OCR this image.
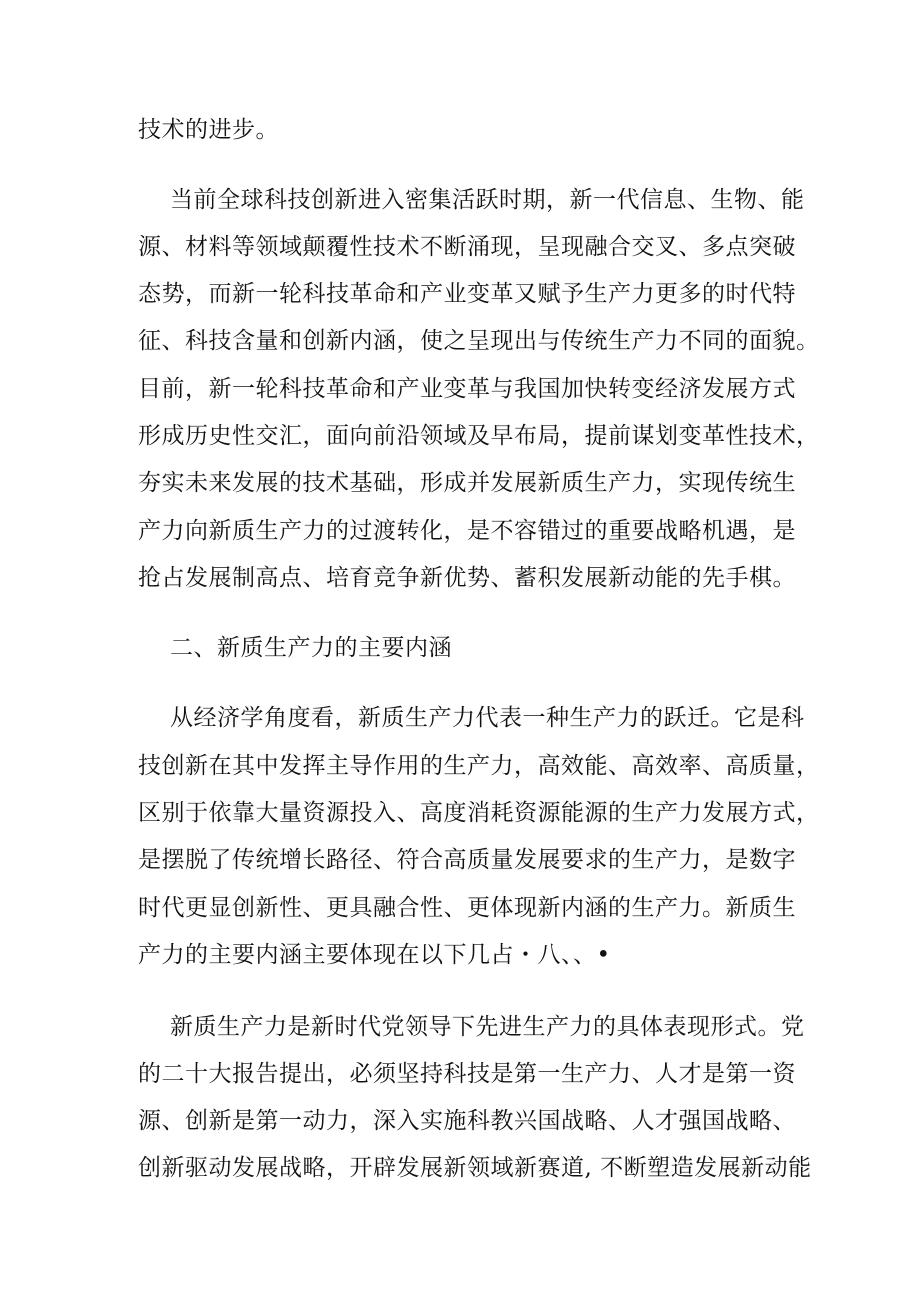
技术的进步。
当前全球科技创新进入密集活跃时期，新一代信息、生物、能
源、材料等领域颠覆性技术不断涌现，呈现融合交叉、多点突破
态势，而新一轮科技革命和产业变革又赋予生产力更多的时代特
征、科技含量和创新内涵，使之呈现出与传统生产力不同的面貌。
目前，新一轮科技革命和产业变革与我国加快转变经济发展方式
形成历史性交汇，面向前沿领域及早布局，提前谋划变革性技术，
夯实未来发展的技术基础，形成并发展新质生产力，实现传统生
产力向新质生产力的过渡转化，是不容错过的重要战略机遇，是
抢占发展制高点、培育竞争新优势、蓄积发展新动能的先手棋。
二、新质生产力的主要内涵
从经济学角度看，新质生产力代表一种生产力的跃迁。它是科
技创新在其中发挥主导作用的生产力，高效能、高效率、高质量，
区别于依靠大量资源投入、高度消耗资源能源的生产力发展方式，
是摆脱了传统增长路径、符合高质量发展要求的生产力，是数字
时代更显创新性、更具融合性、更体现新内涵的生产力。新质生
产力的主要内涵主要体现在以下几占・八、、•
新质生产力是新时代党领导下先进生产力的具体表现形式。党
的二十大报告提出，必须坚持科技是第一生产力、人才是第一资
源、创新是第一动力，深入实施科教兴国战略、人才强国战略、
创新驱动发展战略，开辟发展新领域新赛道, 不断塑造发展新动能
